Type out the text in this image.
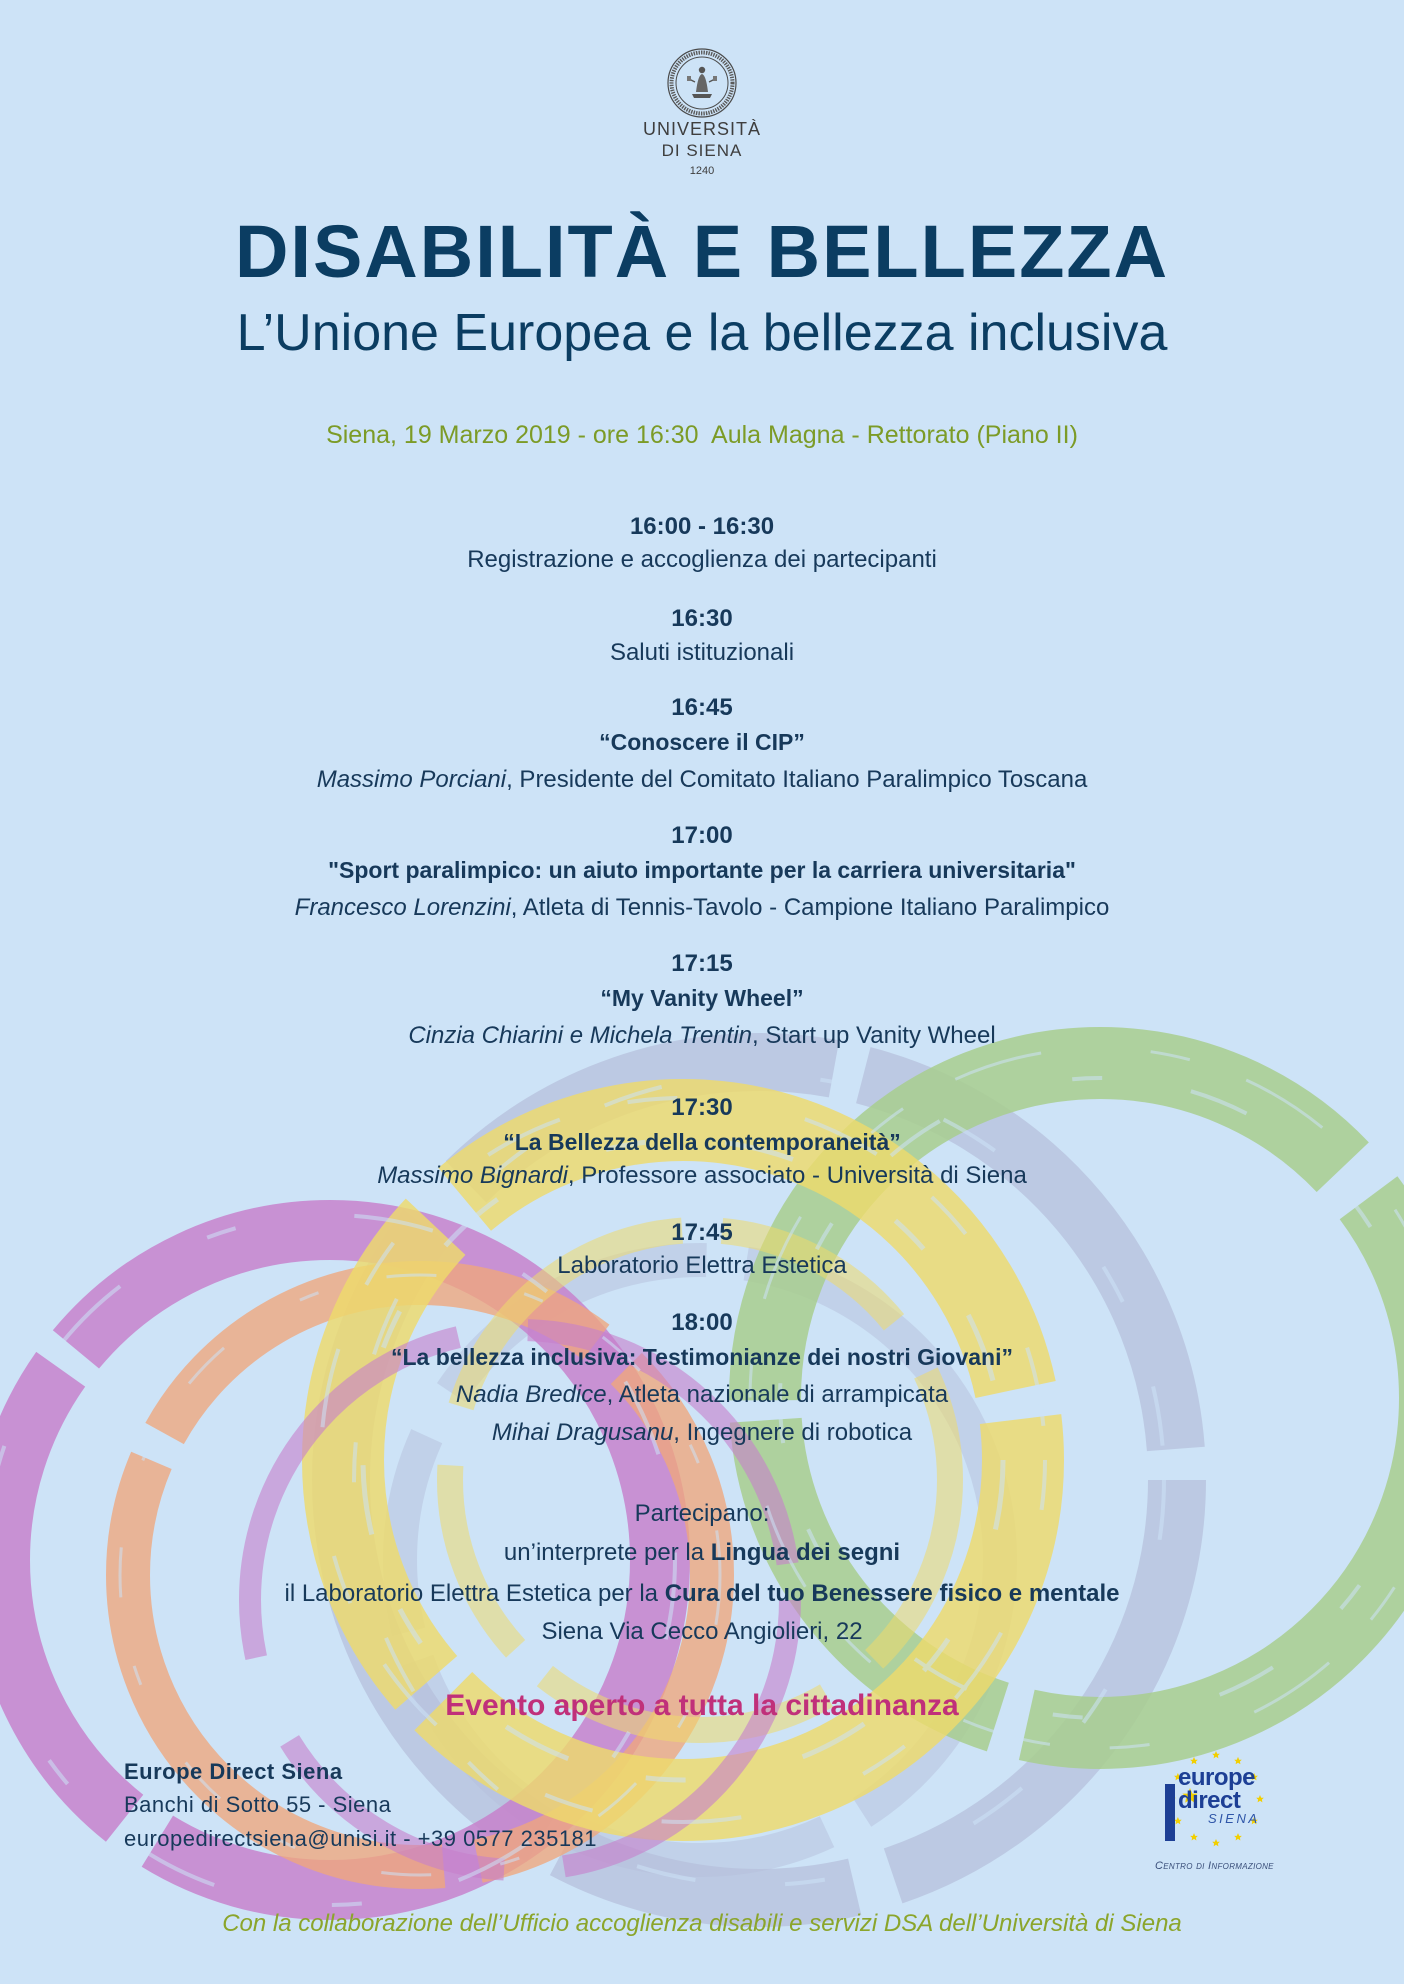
UNIVERSITÀ
DI SIENA
1240
DISABILITÀ E BELLEZZA
L’Unione Europea e la bellezza inclusiva
Siena, 19 Marzo 2019 - ore 16:30  Aula Magna - Rettorato (Piano II)
16:00 - 16:30
Registrazione e accoglienza dei partecipanti
16:30
Saluti istituzionali
16:45
“Conoscere il CIP”
Massimo Porciani, Presidente del Comitato Italiano Paralimpico Toscana
17:00
"Sport paralimpico: un aiuto importante per la carriera universitaria"
Francesco Lorenzini, Atleta di Tennis-Tavolo - Campione Italiano Paralimpico
17:15
“My Vanity Wheel”
Cinzia Chiarini e Michela Trentin, Start up Vanity Wheel
17:30
“La Bellezza della contemporaneità”
Massimo Bignardi, Professore associato - Università di Siena
17:45
Laboratorio Elettra Estetica
18:00
“La bellezza inclusiva: Testimonianze dei nostri Giovani”
Nadia Bredice, Atleta nazionale di arrampicata
Mihai Dragusanu, Ingegnere di robotica
Partecipano:
un’interprete per la Lingua dei segni
il Laboratorio Elettra Estetica per la Cura del tuo Benessere fisico e mentale
Siena Via Cecco Angiolieri, 22
Evento aperto a tutta la cittadinanza
Europe Direct Siena
Banchi di Sotto 55 - Siena
europedirectsiena@unisi.it - +39 0577 235181
europe
direct
SIENA
Centro di Informazione
Con la collaborazione dell’Ufficio accoglienza disabili e servizi DSA dell’Università di Siena
